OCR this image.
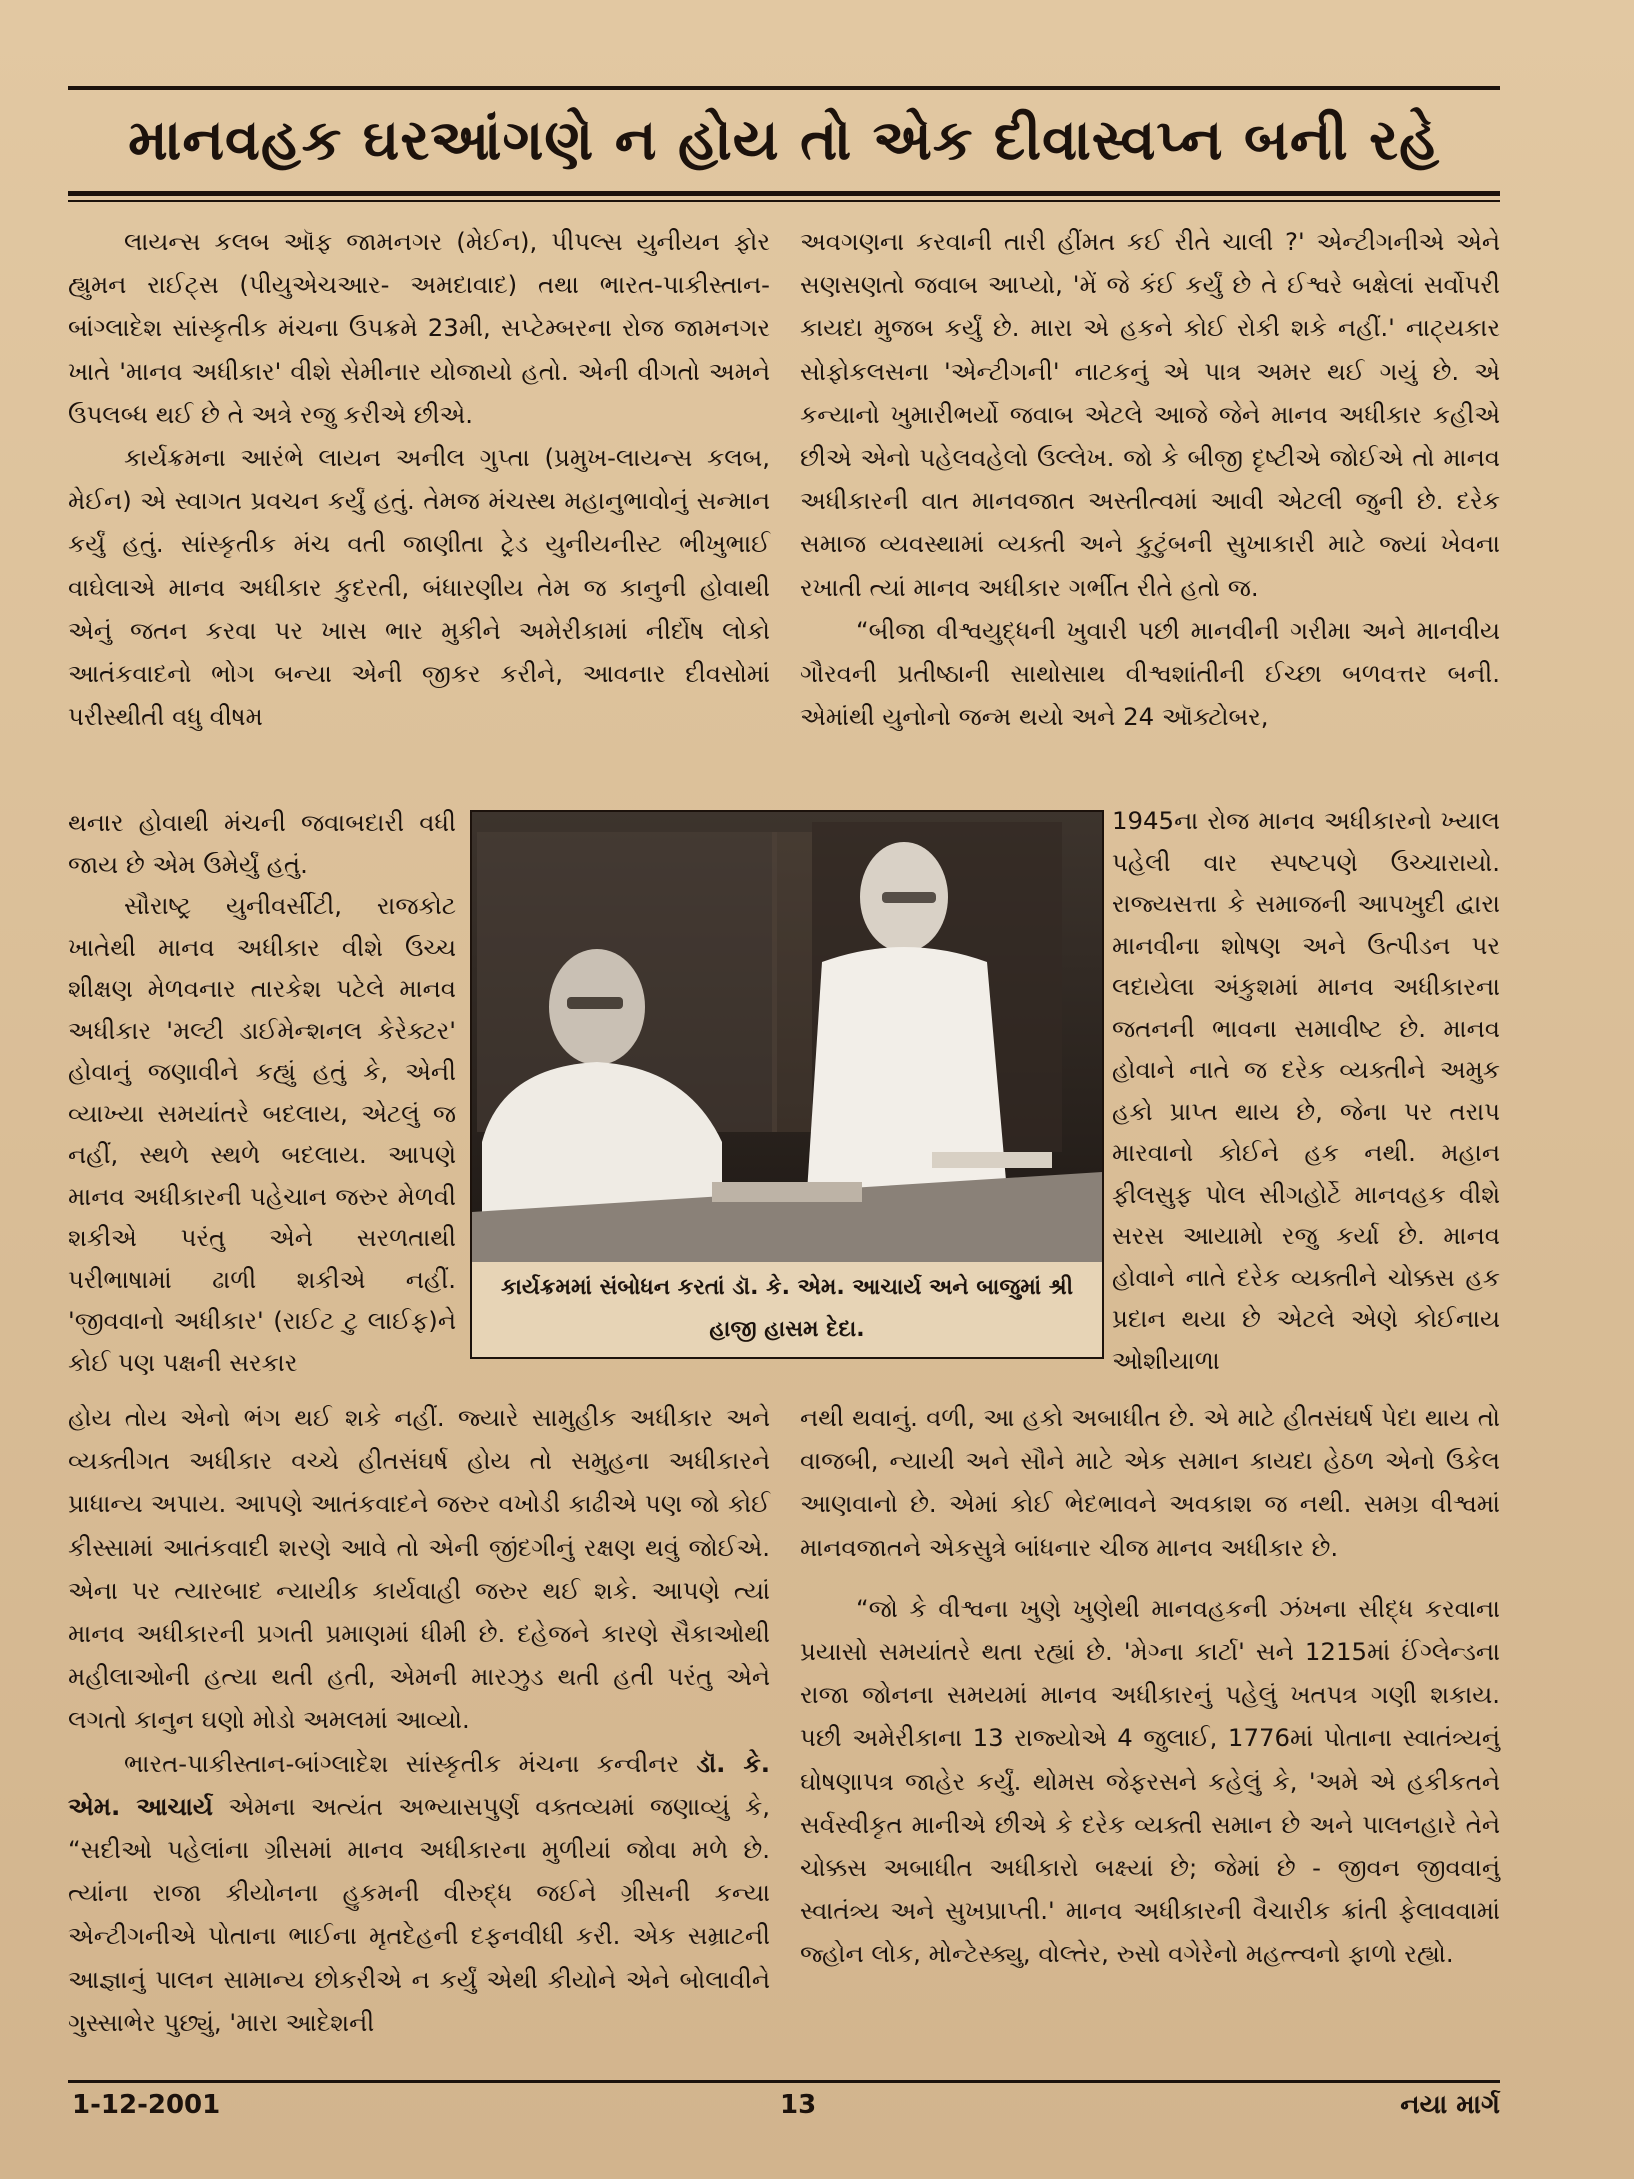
માનવહક ઘરઆંગણે ન હોય તો એક દીવાસ્વપ્ન બની રહે

લાયન્સ કલબ ઑફ જામનગર (મેઈન), પીપલ્સ યુનીયન ફોર હ્યુમન રાઈટ્સ (પીયુએચઆર- અમદાવાદ) તથા ભારત-પાકીસ્તાન-બાંગ્લાદેશ સાંસ્કૃતીક મંચના ઉપક્રમે 23મી, સપ્ટેમ્બરના રોજ જામનગર ખાતે 'માનવ અધીકાર' વીશે સેમીનાર યોજાયો હતો. એની વીગતો અમને ઉપલબ્ધ થઈ છે તે અત્રે રજુ કરીએ છીએ.

કાર્યક્રમના આરંભે લાયન અનીલ ગુપ્તા (પ્રમુખ-લાયન્સ કલબ, મેઈન) એ સ્વાગત પ્રવચન કર્યું હતું. તેમજ મંચસ્થ મહાનુભાવોનું સન્માન કર્યું હતું. સાંસ્કૃતીક મંચ વતી જાણીતા ટ્રેડ યુનીયનીસ્ટ ભીખુભાઈ વાઘેલાએ માનવ અધીકાર કુદરતી, બંધારણીય તેમ જ કાનુની હોવાથી એનું જતન કરવા પર ખાસ ભાર મુકીને અમેરીકામાં નીર્દોષ લોકો આતંકવાદનો ભોગ બન્યા એની જીકર કરીને, આવનાર દીવસોમાં પરીસ્થીતી વધુ વીષમ

થનાર હોવાથી મંચની જવાબદારી વધી જાય છે એમ ઉમેર્યું હતું.

સૌરાષ્ટ્ર યુનીવર્સીટી, રાજકોટ ખાતેથી માનવ અધીકાર વીશે ઉચ્ચ શીક્ષણ મેળવનાર તારકેશ પટેલે માનવ અધીકાર 'મલ્ટી ડાઈમેન્શનલ કેરેક્ટર' હોવાનું જણાવીને કહ્યું હતું કે, એની વ્યાખ્યા સમયાંતરે બદલાય, એટલું જ નહીં, સ્થળે સ્થળે બદલાય. આપણે માનવ અધીકારની પહેચાન જરુર મેળવી શકીએ પરંતુ એને સરળતાથી પરીભાષામાં ઢાળી શકીએ નહીં. 'જીવવાનો અધીકાર' (રાઈટ ટુ લાઈફ)ને કોઈ પણ પક્ષની સરકાર

હોય તોય એનો ભંગ થઈ શકે નહીં. જ્યારે સામુહીક અધીકાર અને વ્યક્તીગત અધીકાર વચ્ચે હીતસંઘર્ષ હોય તો સમુહના અધીકારને પ્રાધાન્ય અપાય. આપણે આતંકવાદને જરુર વખોડી કાઢીએ પણ જો કોઈ કીસ્સામાં આતંકવાદી શરણે આવે તો એની જીંદગીનું રક્ષણ થવું જોઈએ. એના પર ત્યારબાદ ન્યાયીક કાર્યવાહી જરુર થઈ શકે. આપણે ત્યાં માનવ અધીકારની પ્રગતી પ્રમાણમાં ધીમી છે. દહેજને કારણે સૈકાઓથી મહીલાઓની હત્યા થતી હતી, એમની મારઝુડ થતી હતી પરંતુ એને લગતો કાનુન ઘણો મોડો અમલમાં આવ્યો.

ભારત-પાકીસ્તાન-બાંગ્લાદેશ સાંસ્કૃતીક મંચના કન્વીનર ડૉ. કે. એમ. આચાર્ય એમના અત્યંત અભ્યાસપુર્ણ વક્તવ્યમાં જણાવ્યું કે, “સદીઓ પહેલાંના ગ્રીસમાં માનવ અધીકારના મુળીયાં જોવા મળે છે. ત્યાંના રાજા કીયોનના હુકમની વીરુદ્ધ જઈને ગ્રીસની કન્યા એન્ટીગનીએ પોતાના ભાઈના મૃતદેહની દફનવીધી કરી. એક સમ્રાટની આજ્ઞાનું પાલન સામાન્ય છોકરીએ ન કર્યું એથી કીયોને એને બોલાવીને ગુસ્સાભેર પુછ્યું, 'મારા આદેશની

અવગણના કરવાની તારી હીંમત કઈ રીતે ચાલી ?' એન્ટીગનીએ એને સણસણતો જવાબ આપ્યો, 'મેં જે કંઈ કર્યું છે તે ઈશ્વરે બક્ષેલાં સર્વોપરી કાયદા મુજબ કર્યું છે. મારા એ હકને કોઈ રોકી શકે નહીં.' નાટ્યકાર સોફોકલસના 'એન્ટીગની' નાટકનું એ પાત્ર અમર થઈ ગયું છે. એ કન્યાનો ખુમારીભર્યો જવાબ એટલે આજે જેને માનવ અધીકાર કહીએ છીએ એનો પહેલવહેલો ઉલ્લેખ. જો કે બીજી દૃષ્ટીએ જોઈએ તો માનવ અધીકારની વાત માનવજાત અસ્તીત્વમાં આવી એટલી જુની છે. દરેક સમાજ વ્યવસ્થામાં વ્યક્તી અને કુટુંબની સુખાકારી માટે જ્યાં ખેવના રખાતી ત્યાં માનવ અધીકાર ગર્ભીત રીતે હતો જ.

“બીજા વીશ્વયુદ્ધની ખુવારી પછી માનવીની ગરીમા અને માનવીય ગૌરવની પ્રતીષ્ઠાની સાથોસાથ વીશ્વશાંતીની ઈચ્છા બળવત્તર બની. એમાંથી યુનોનો જન્મ થયો અને 24 ઑક્ટોબર,

1945ના રોજ માનવ અધીકારનો ખ્યાલ પહેલી વાર સ્પષ્ટપણે ઉચ્ચારાયો. રાજ્યસત્તા કે સમાજની આપખુદી દ્વારા માનવીના શોષણ અને ઉત્પીડન પર લદાયેલા અંકુશમાં માનવ અધીકારના જતનની ભાવના સમાવીષ્ટ છે. માનવ હોવાને નાતે જ દરેક વ્યક્તીને અમુક હકો પ્રાપ્ત થાય છે, જેના પર તરાપ મારવાનો કોઈને હક નથી. મહાન ફીલસુફ પોલ સીગહોર્ટે માનવહક વીશે સરસ આયામો રજુ કર્યા છે. માનવ હોવાને નાતે દરેક વ્યક્તીને ચોક્કસ હક પ્રદાન થયા છે એટલે એણે કોઈનાય ઓશીયાળા

નથી થવાનું. વળી, આ હકો અબાધીત છે. એ માટે હીતસંઘર્ષ પેદા થાય તો વાજબી, ન્યાયી અને સૌને માટે એક સમાન કાયદા હેઠળ એનો ઉકેલ આણવાનો છે. એમાં કોઈ ભેદભાવને અવકાશ જ નથી. સમગ્ર વીશ્વમાં માનવજાતને એકસુત્રે બાંધનાર ચીજ માનવ અધીકાર છે.

“જો કે વીશ્વના ખુણે ખુણેથી માનવહકની ઝંખના સીદ્ધ કરવાના પ્રયાસો સમયાંતરે થતા રહ્યાં છે. 'મેગ્ના કાર્ટા' સને 1215માં ઈંગ્લેન્ડના રાજા જોનના સમયમાં માનવ અધીકારનું પહેલું ખતપત્ર ગણી શકાય. પછી અમેરીકાના 13 રાજ્યોએ 4 જુલાઈ, 1776માં પોતાના સ્વાતંત્ર્યનું ઘોષણાપત્ર જાહેર કર્યું. થોમસ જેફરસને કહેલું કે, 'અમે એ હકીકતને સર્વસ્વીકૃત માનીએ છીએ કે દરેક વ્યક્તી સમાન છે અને પાલનહારે તેને ચોક્કસ અબાધીત અધીકારો બક્ષ્યાં છે; જેમાં છે - જીવન જીવવાનું સ્વાતંત્ર્ય અને સુખપ્રાપ્તી.' માનવ અધીકારની વૈચારીક ક્રાંતી ફેલાવવામાં જ્હોન લોક, મોન્ટેસ્ક્યુ, વોલ્તેર, રુસો વગેરેનો મહત્ત્વનો ફાળો રહ્યો.

કાર્યક્રમમાં સંબોધન કરતાં ડૉ. કે. એમ. આચાર્ય અને બાજુમાં શ્રી હાજી હાસમ દેદા.
1-12-2001	13	નયા માર્ગ
